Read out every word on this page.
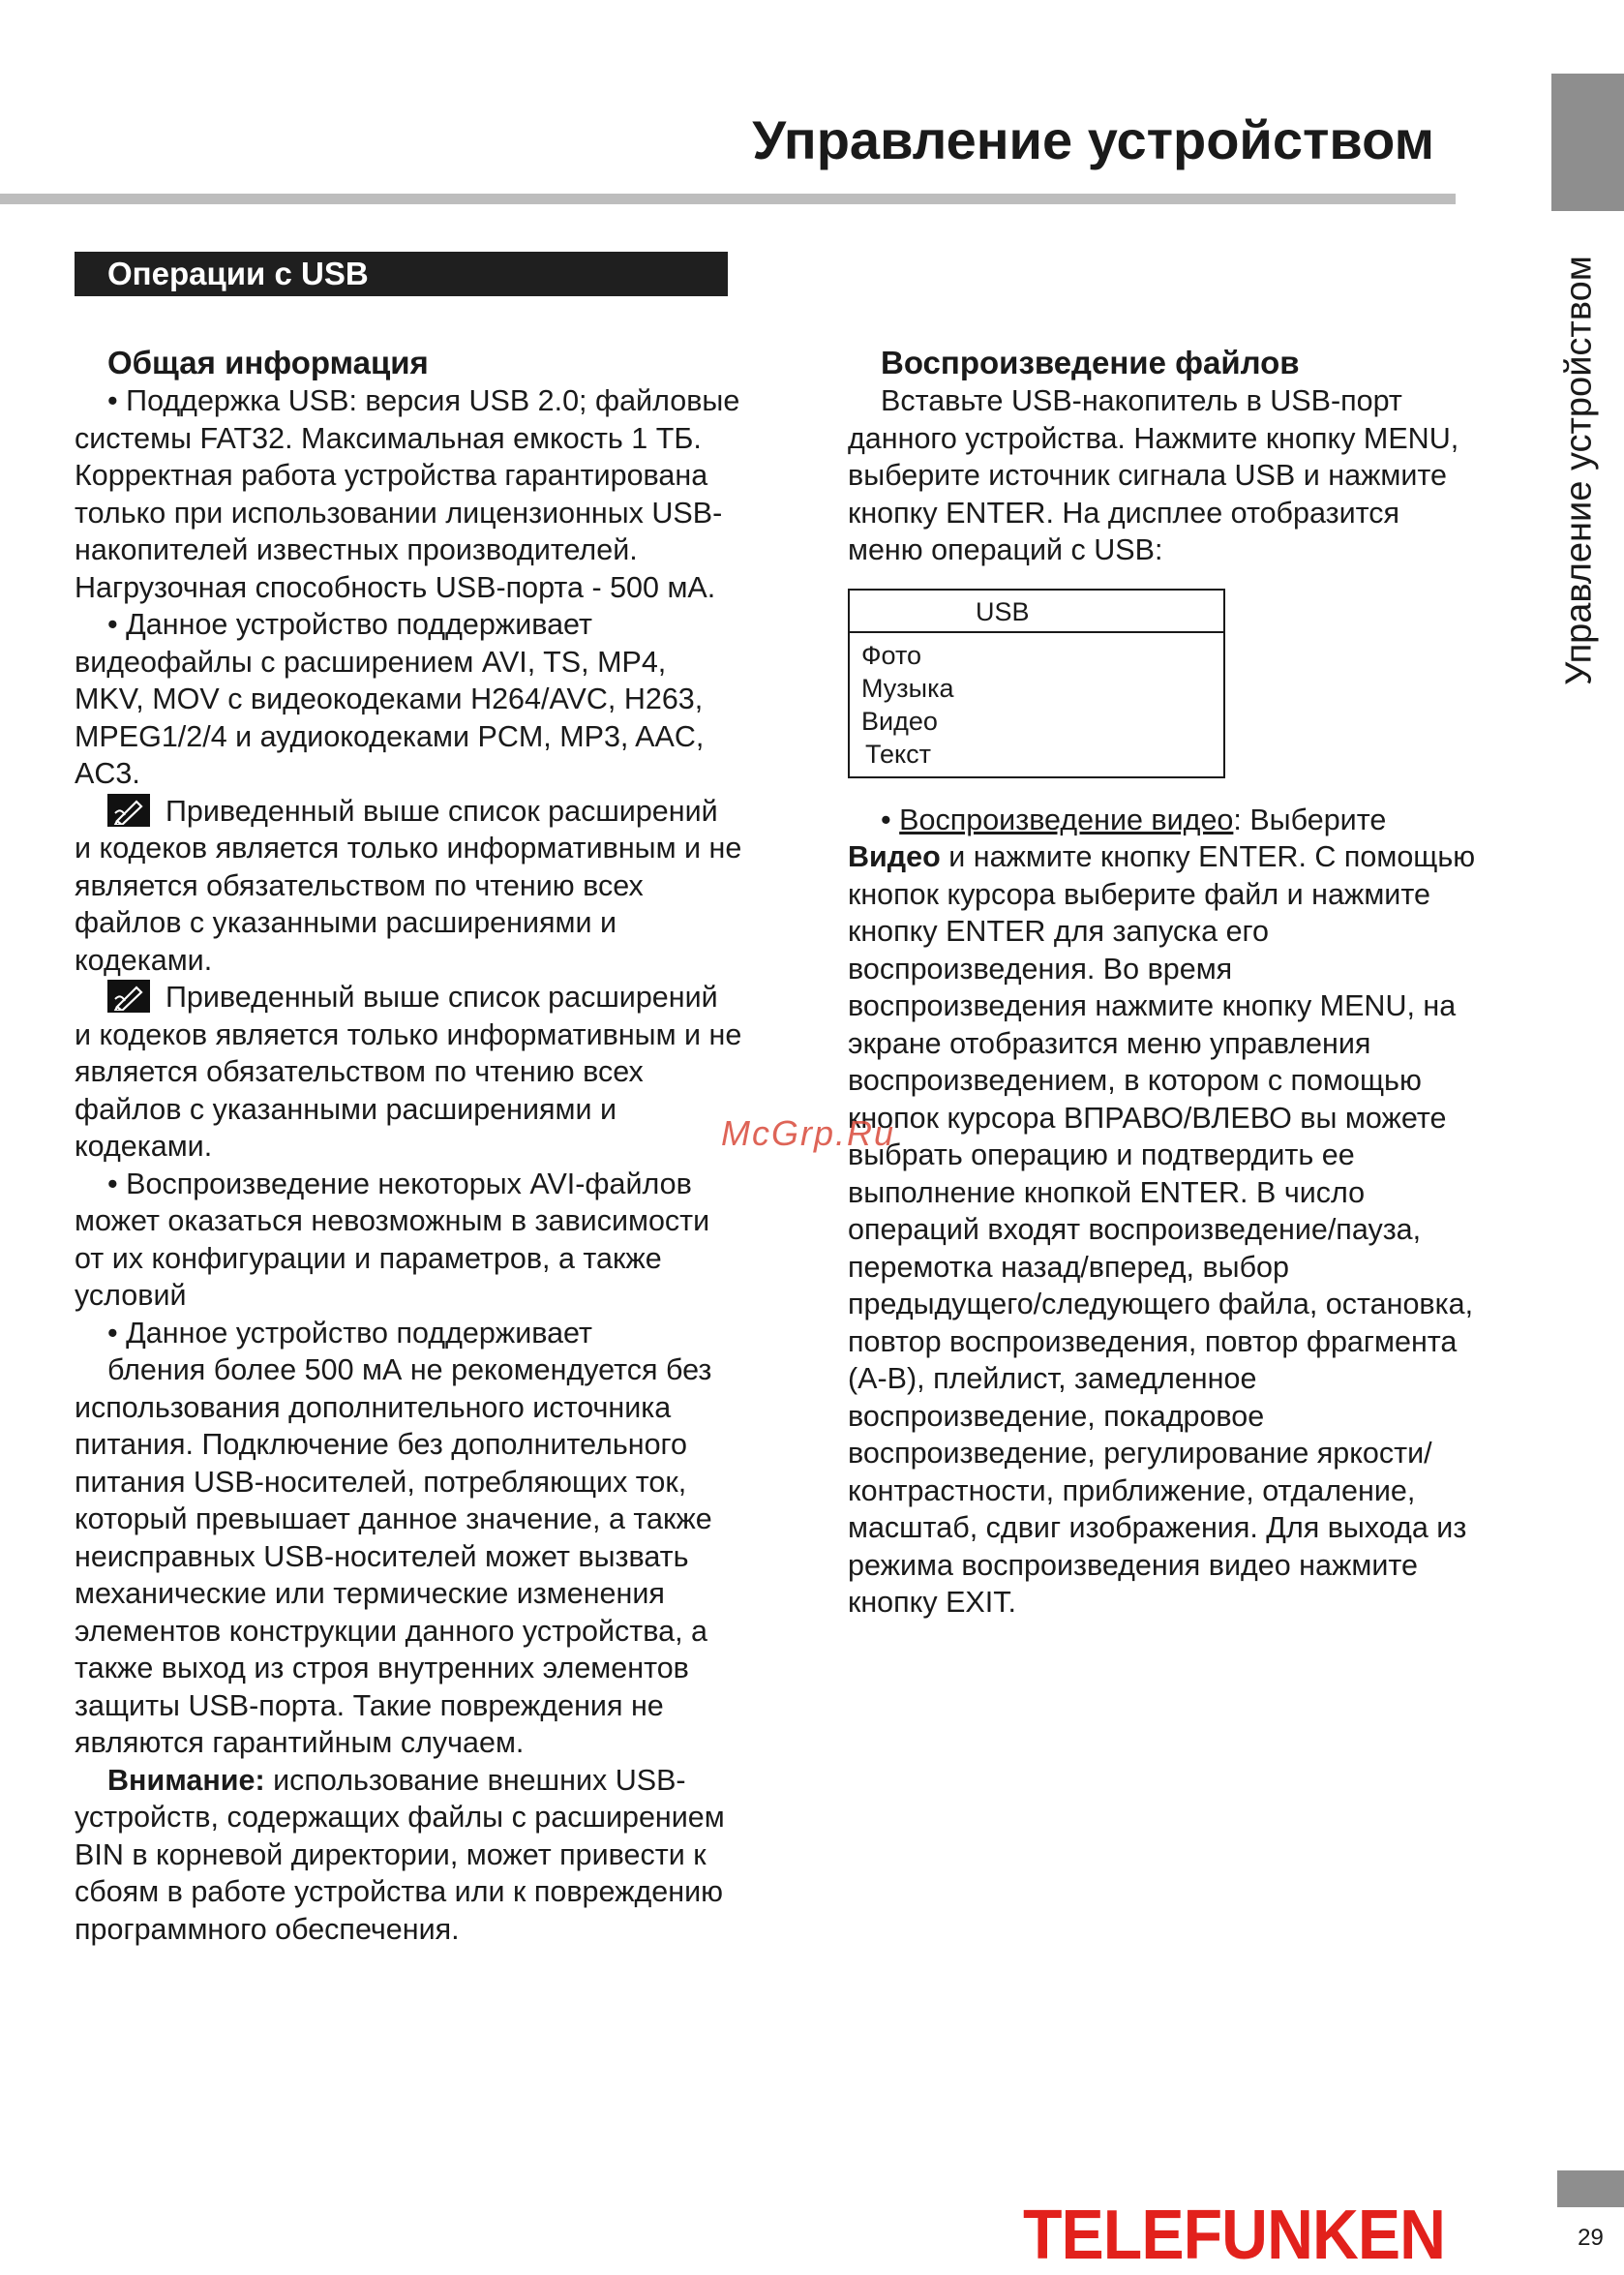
Управление устройством
Управление устройством
Операции с USB
Общая информация

• Поддержка USB: версия USB 2.0; файловые системы FAT32. Максимальная емкость 1 ТБ. Корректная работа устройства гарантирована только при использовании лицензионных USB-накопителей известных производителей. Нагрузочная способность USB-порта - 500 мА.

• Данное устройство поддерживает видеофайлы с расширением AVI, TS, MP4, MKV, MOV с видеокодеками H264/AVC, H263, MPEG1/2/4 и аудиокодеками PCM, MP3, AAC, AC3.

Приведенный выше список расширений и кодеков является только информативным и не является обязательством по чтению всех файлов с указанными расширениями и кодеками.

Приведенный выше список расширений и кодеков является только информативным и не является обязательством по чтению всех файлов с указанными расширениями и кодеками.

• Воспроизведение некоторых AVI-файлов может оказаться невозможным в зависимости от их конфигурации и параметров, а также условий

• Данное устройство поддерживает

бления более 500 мА не рекомендуется без использования дополнительного источника питания. Подключение без дополнительного питания USB-носителей, потребляющих ток, который превышает данное значение, а также неисправных USB-носителей может вызвать механические или термические изменения элементов конструкции данного устройства, а также выход из строя внутренних элементов защиты USB-порта. Такие повреждения не являются гарантийным случаем.

Внимание: использование внешних USB-устройств, содержащих файлы с расширением BIN в корневой директории, может привести к сбоям в работе устройства или к повреждению программного обеспечения.

Воспроизведение файлов

Вставьте USB-накопитель в USB-порт данного устройства. Нажмите кнопку MENU, выберите источник сигнала USB и нажмите кнопку ENTER. На дисплее отобразится меню операций с USB:

USB
Фото
Музыка
Видео
Текст

• Воспроизведение видео: Выберите
Видео и нажмите кнопку ENTER. С помощью кнопок курсора выберите файл и нажмите кнопку ENTER для запуска его воспроизведения. Во время воспроизведения нажмите кнопку MENU, на экране отобразится меню управления воспроизведением, в котором с помощью кнопок курсора ВПРАВО/ВЛЕВО вы можете выбрать операцию и подтвердить ее выполнение кнопкой ENTER. В число операций входят воспроизведение/пауза, перемотка назад/вперед, выбор предыдущего/следующего файла, остановка, повтор воспроизведения, повтор фрагмента (A-B), плейлист, замедленное воспроизведение, покадровое воспроизведение, регулирование яркости/контрастности, приближение, отдаление, масштаб, сдвиг изображения. Для выхода из режима воспроизведения видео нажмите кнопку EXIT.

McGrp.Ru
TELEFUNKEN	29
